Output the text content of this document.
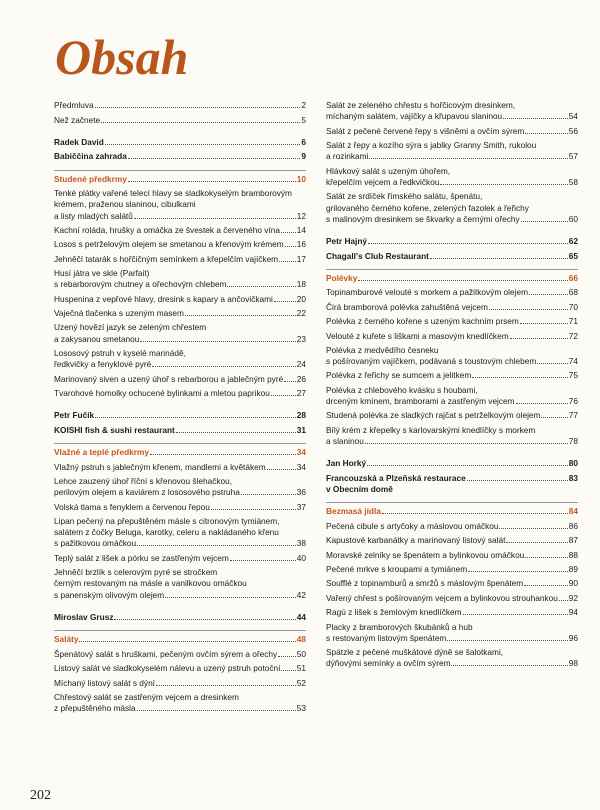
Obsah
Předmluva	2
Než začnete	5
Radek David	6
Babiččina zahrada	9
Studené předkrmy	10
Tenké plátky vařené telecí hlavy se sladkokyselým bramborovým
krémem, praženou slaninou, cibulkami
a listy mladých salátů	12
Kachní roláda, hrušky a omáčka ze švestek a červeného vína 14
Losos s petrželovým olejem se smetanou a křenovým krémem 16
Jehněčí tatarák s hořčičným semínkem a křepelčím vajíčkem 17
Husí játra ve skle (Parfait)
s rebarborovým chutney a ořechovým chlebem	18
Huspenina z vepřové hlavy, dresink s kapary a ančovičkami	20
Vaječná tlačenka s uzeným masem	22
Uzený hovězí jazyk se zeleným chřestem
a zakysanou smetanou	23
Lososový pstruh v kyselé marinádě,
ředkvičky a fenyklové pyré	24
Marinovaný siven a uzený úhoř s rebarborou a jablečným pyré 26
Tvarohové homolky ochucené bylinkami a mletou paprikou	27
Petr Fučík	28
KOISHI fish & sushi restaurant	31
Vlažné a teplé předkrmy	34
Vlažný pstruh s jablečným křenem, mandlemi a květákem	34
Lehce zauzený úhoř říční s křenovou šlehačkou,
perilovým olejem a kaviárem z lososového pstruha	36
Volská tlama s fenyklem a červenou řepou	37
Lipan pečený na přepuštěném másle s citronovým tymiánem,
salátem z čočky Beluga, karotky, celeru a nakládaného křenu
s pažitkovou omáčkou	38
Teplý salát z lišek a pórku se zastřeným vejcem	40
Jehněčí brzlík s celerovým pyré se stročkem
černým restovaným na másle a vanilkovou omáčkou
s panenským olivovým olejem	42
Miroslav Grusz	44
Saláty	48
Špenátový salát s hruškami, pečeným ovčím sýrem a ořechy 50
Listový salát ve sladkokyselém nálevu a uzený pstruh potoční 51
Míchaný listový salát s dýní	52
Chřestový salát se zastřeným vejcem a dresinkem
z přepuštěného másla	53
Salát ze zeleného chřestu s hořčicovým dresinkem,
míchaným salátem, vajíčky a křupavou slaninou	54
Salát z pečené červené řepy s višněmi a ovčím sýrem	56
Salát z řepy a kozího sýra s jablky Granny Smith, rukolou
a rozinkami	57
Hlávkový salát s uzeným úhořem,
křepelčím vejcem a ředkvičkou	58
Salát ze srdíček římského salátu, špenátu,
grilovaného černého kořene, zelených fazolek a řeřichy
s malinovým dresinkem se škvarky a černými ořechy	60
Petr Hajný	62
Chagall's Club Restaurant	65
Polévky	66
Topinamburové velouté s morkem a pažitkovým olejem	68
Čirá bramborová polévka zahuštěná vejcem	70
Polévka z černého kořene s uzeným kachním prsem	71
Velouté z kuřete s liškami a masovým knedlíčkem	72
Polévka z medvědího česneku
s pošírovaným vajíčkem, podávaná s toustovým chlebem	74
Polévka z řeřichy se sumcem a jelitkem	75
Polévka z chlebového kvásku s houbami,
drceným kmínem, bramborami a zastřeným vejcem	76
Studená polévka ze sladkých rajčat s petrželkovým olejem	77
Bílý krém z křepelky s karlovarskými knedlíčky s morkem
a slaninou	78
Jan Horký	80
Francouzská a Plzeňská restaurace	83
v Obecním domě
Bezmasá jídla	84
Pečená cibule s artyčoky a máslovou omáčkou	86
Kapustové karbanátky a marinovaný listový salát	87
Moravské zelníky se špenátem a bylinkovou omáčkou	88
Pečené mrkve s kroupami a tymiánem	89
Soufflé z topinamburů a smržů s máslovým špenátem	90
Vařený chřest s pošírovaným vejcem a bylinkovou strouhankou 92
Ragú z lišek s žemlovým knedlíčkem	94
Placky z bramborových škubánků a hub
s restovaným listovým špenátem	96
Spätzle z pečené muškátové dýně se šalotkami,
dýňovými semínky a ovčím sýrem	98
202
